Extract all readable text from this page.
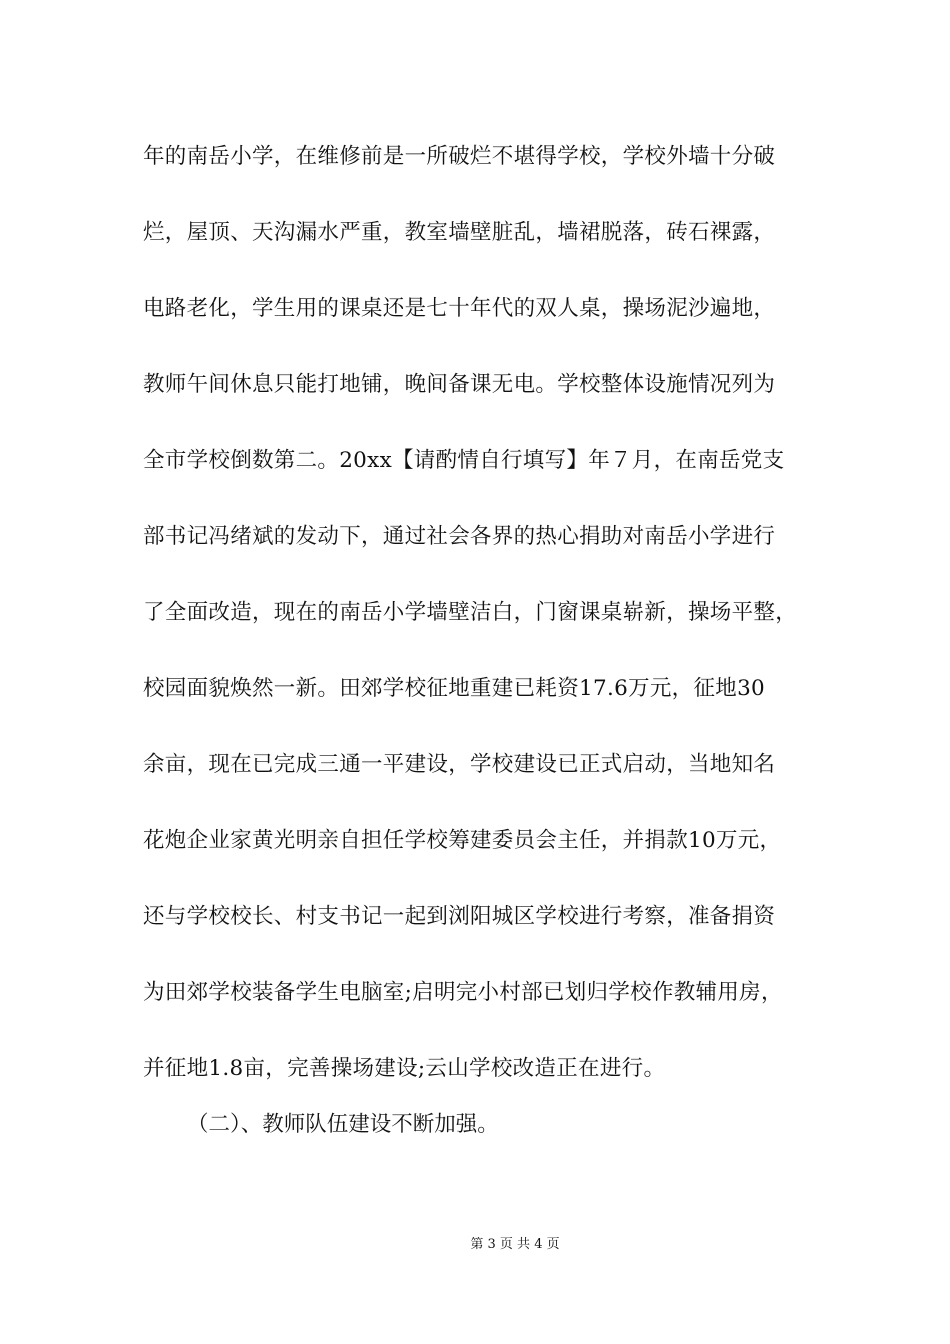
年的南岳小学，在维修前是一所破烂不堪得学校，学校外墙十分破
烂，屋顶、天沟漏水严重，教室墙壁脏乱，墙裙脱落，砖石裸露，
电路老化，学生用的课桌还是七十年代的双人桌，操场泥沙遍地，
教师午间休息只能打地铺，晚间备课无电。学校整体设施情况列为
全市学校倒数第二。20xx【请酌情自行填写】年７月，在南岳党支
部书记冯绪斌的发动下，通过社会各界的热心捐助对南岳小学进行
了全面改造，现在的南岳小学墙壁洁白，门窗课桌崭新，操场平整，
校园面貌焕然一新。田郊学校征地重建已耗资17.6万元，征地30
余亩，现在已完成三通一平建设，学校建设已正式启动，当地知名
花炮企业家黄光明亲自担任学校筹建委员会主任，并捐款10万元，
还与学校校长、村支书记一起到浏阳城区学校进行考察，准备捐资
为田郊学校装备学生电脑室;启明完小村部已划归学校作教辅用房，
并征地1.8亩，完善操场建设;云山学校改造正在进行。
（二）、教师队伍建设不断加强。
第 3 页 共 4 页
